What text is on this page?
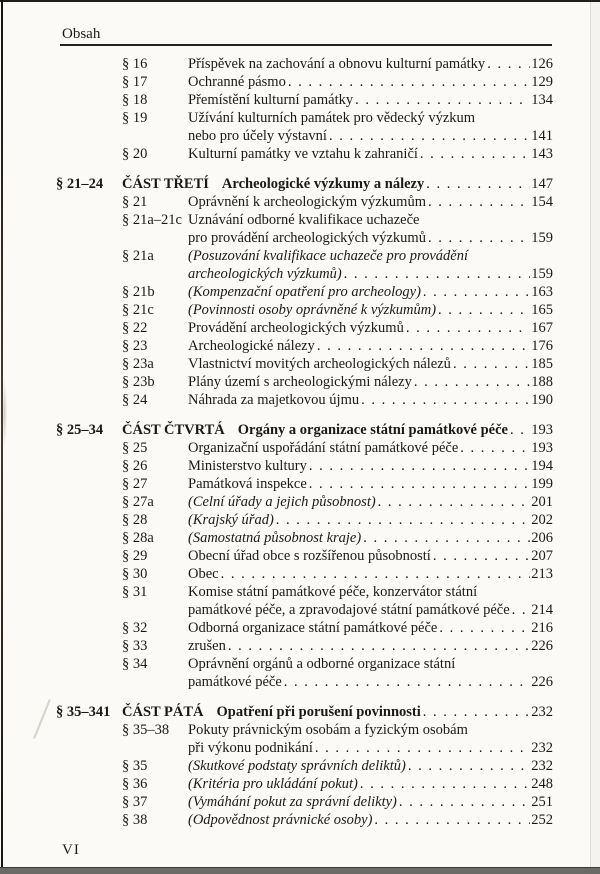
Obsah
§ 16	Příspěvek na zachování a obnovu kulturní památky . . .	126
§ 17	Ochranné pásmo . . .	129
§ 18	Přemístění kulturní památky . . .	134
§ 19	Užívání kulturních památek pro vědecký výzkum
nebo pro účely výstavní . . .	141
§ 20	Kulturní památky ve vztahu k zahraničí . . .	143
§ 21–24	ČÁST TŘETÍ Archeologické výzkumy a nálezy . . .	147
§ 21	Oprávnění k archeologickým výzkumům . . .	154
§ 21a–21c Uznávání odborné kvalifikace uchazeče
pro provádění archeologických výzkumů . . .	159
§ 21a	(Posuzování kvalifikace uchazeče pro provádění
archeologických výzkumů) . . .	159
§ 21b	(Kompenzační opatření pro archeology) . . .	163
§ 21c	(Povinnosti osoby oprávněné k výzkumům) . . .	165
§ 22	Provádění archeologických výzkumů . . .	167
§ 23	Archeologické nálezy . . .	176
§ 23a	Vlastnictví movitých archeologických nálezů . . .	185
§ 23b	Plány území s archeologickými nálezy . . .	188
§ 24	Náhrada za majetkovou újmu . . .	190
§ 25–34	ČÁST ČTVRTÁ Orgány a organizace státní památkové péče . . . 193
§ 25	Organizační uspořádání státní památkové péče . . .	193
§ 26	Ministerstvo kultury . . .	194
§ 27	Památková inspekce . . .	199
§ 27a	(Celní úřady a jejich působnost) . . .	201
§ 28	(Krajský úřad) . . .	202
§ 28a	(Samostatná působnost kraje) . . .	206
§ 29	Obecní úřad obce s rozšířenou působností . . .	207
§ 30	Obec . . .	213
§ 31	Komise státní památkové péče, konzervátor státní
památkové péče, a zpravodajové státní památkové péče . . . 214
§ 32	Odborná organizace státní památkové péče . . .	216
§ 33	zrušen . . .	226
§ 34	Oprávnění orgánů a odborné organizace státní
památkové péče . . .	226
§ 35–341 ČÁST PÁTÁ Opatření při porušení povinnosti . . .	232
§ 35–38	Pokuty právnickým osobám a fyzickým osobám
při výkonu podnikání . . .	232
§ 35	(Skutkové podstaty správních deliktů) . . .	232
§ 36	(Kritéria pro ukládání pokut) . . .	248
§ 37	(Vymáhání pokut za správní delikty) . . .	251
§ 38	(Odpovědnost právnické osoby) . . .	252
VI
